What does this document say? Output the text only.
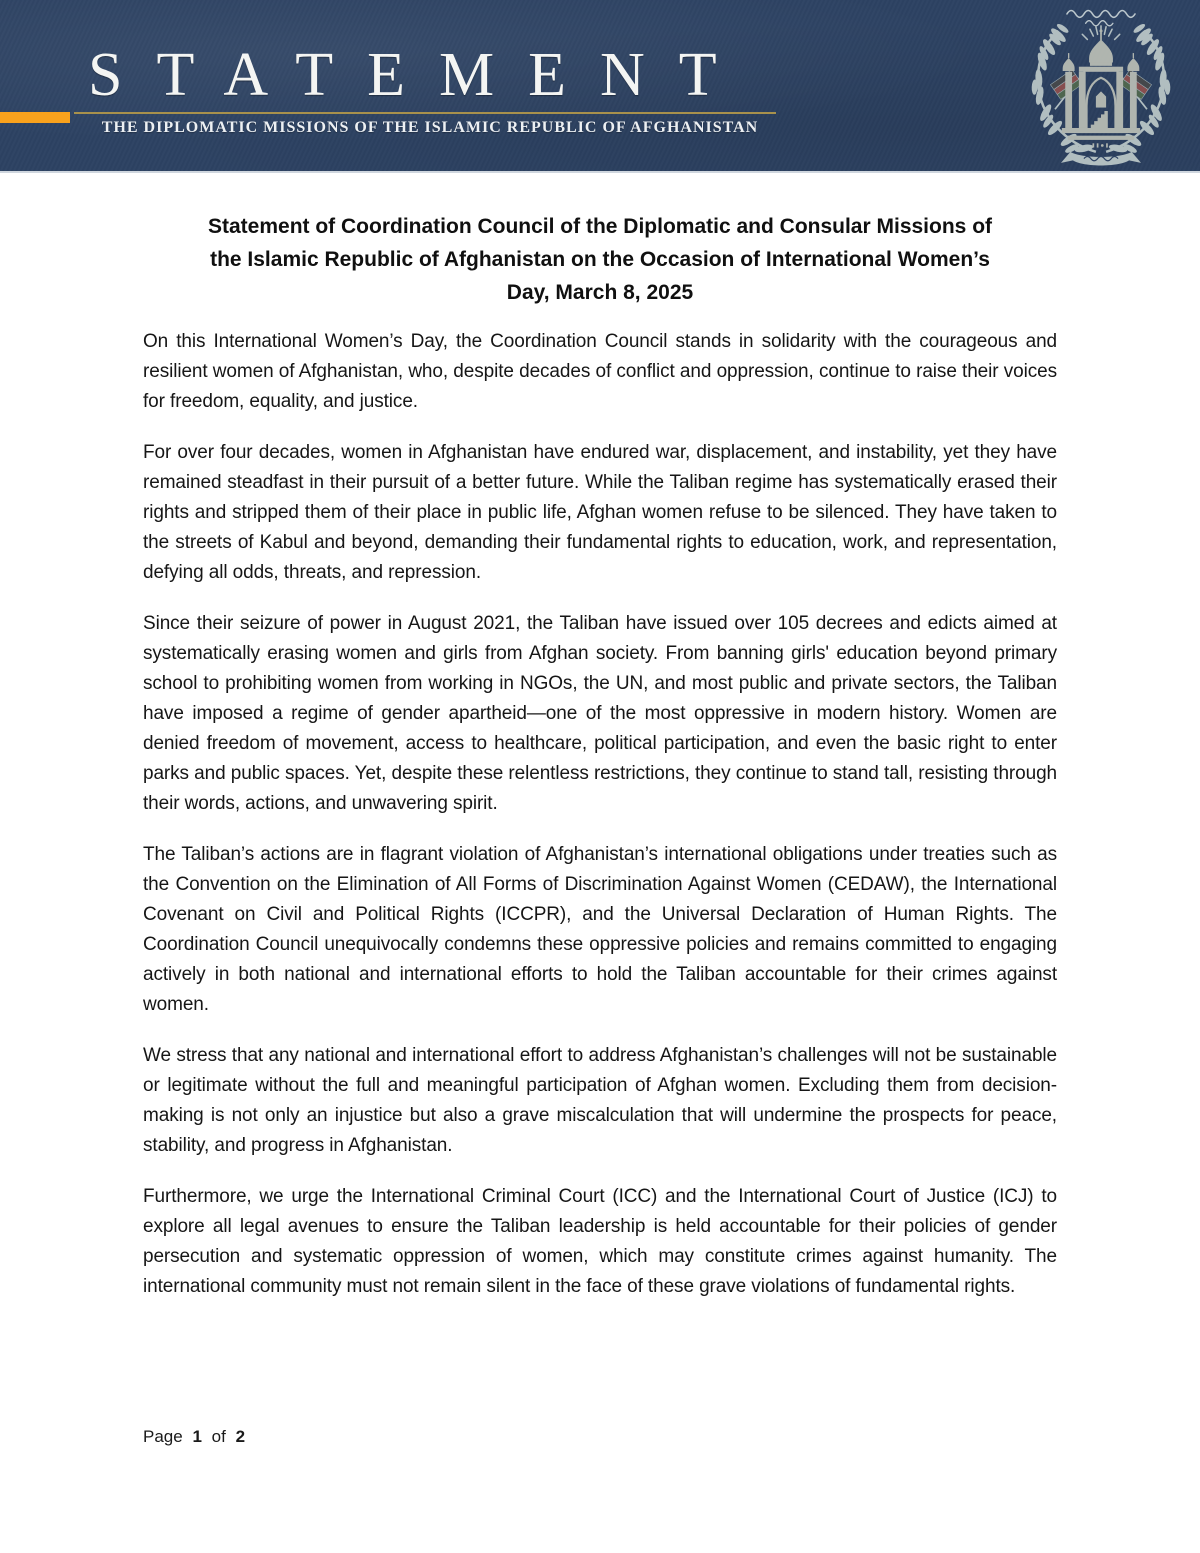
STATEMENT
THE DIPLOMATIC MISSIONS OF THE ISLAMIC REPUBLIC OF AFGHANISTAN
Statement of Coordination Council of the Diplomatic and Consular Missions of
the Islamic Republic of Afghanistan on the Occasion of International Women’s
Day, March 8, 2025

On this International Women’s Day, the Coordination Council stands in solidarity with the courageous and resilient women of Afghanistan, who, despite decades of conflict and oppression, continue to raise their voices for freedom, equality, and justice.

For over four decades, women in Afghanistan have endured war, displacement, and instability, yet they have remained steadfast in their pursuit of a better future. While the Taliban regime has systematically erased their rights and stripped them of their place in public life, Afghan women refuse to be silenced. They have taken to the streets of Kabul and beyond, demanding their fundamental rights to education, work, and representation, defying all odds, threats, and repression.

Since their seizure of power in August 2021, the Taliban have issued over 105 decrees and edicts aimed at systematically erasing women and girls from Afghan society. From banning girls' education beyond primary school to prohibiting women from working in NGOs, the UN, and most public and private sectors, the Taliban have imposed a regime of gender apartheid—one of the most oppressive in modern history. Women are denied freedom of movement, access to healthcare, political participation, and even the basic right to enter parks and public spaces. Yet, despite these relentless restrictions, they continue to stand tall, resisting through their words, actions, and unwavering spirit.

The Taliban’s actions are in flagrant violation of Afghanistan’s international obligations under treaties such as the Convention on the Elimination of All Forms of Discrimination Against Women (CEDAW), the International Covenant on Civil and Political Rights (ICCPR), and the Universal Declaration of Human Rights. The Coordination Council unequivocally condemns these oppressive policies and remains committed to engaging actively in both national and international efforts to hold the Taliban accountable for their crimes against women.

We stress that any national and international effort to address Afghanistan’s challenges will not be sustainable or legitimate without the full and meaningful participation of Afghan women. Excluding them from decision-making is not only an injustice but also a grave miscalculation that will undermine the prospects for peace, stability, and progress in Afghanistan.

Furthermore, we urge the International Criminal Court (ICC) and the International Court of Justice (ICJ) to explore all legal avenues to ensure the Taliban leadership is held accountable for their policies of gender persecution and systematic oppression of women, which may constitute crimes against humanity. The international community must not remain silent in the face of these grave violations of fundamental rights.

Page 1 of 2
